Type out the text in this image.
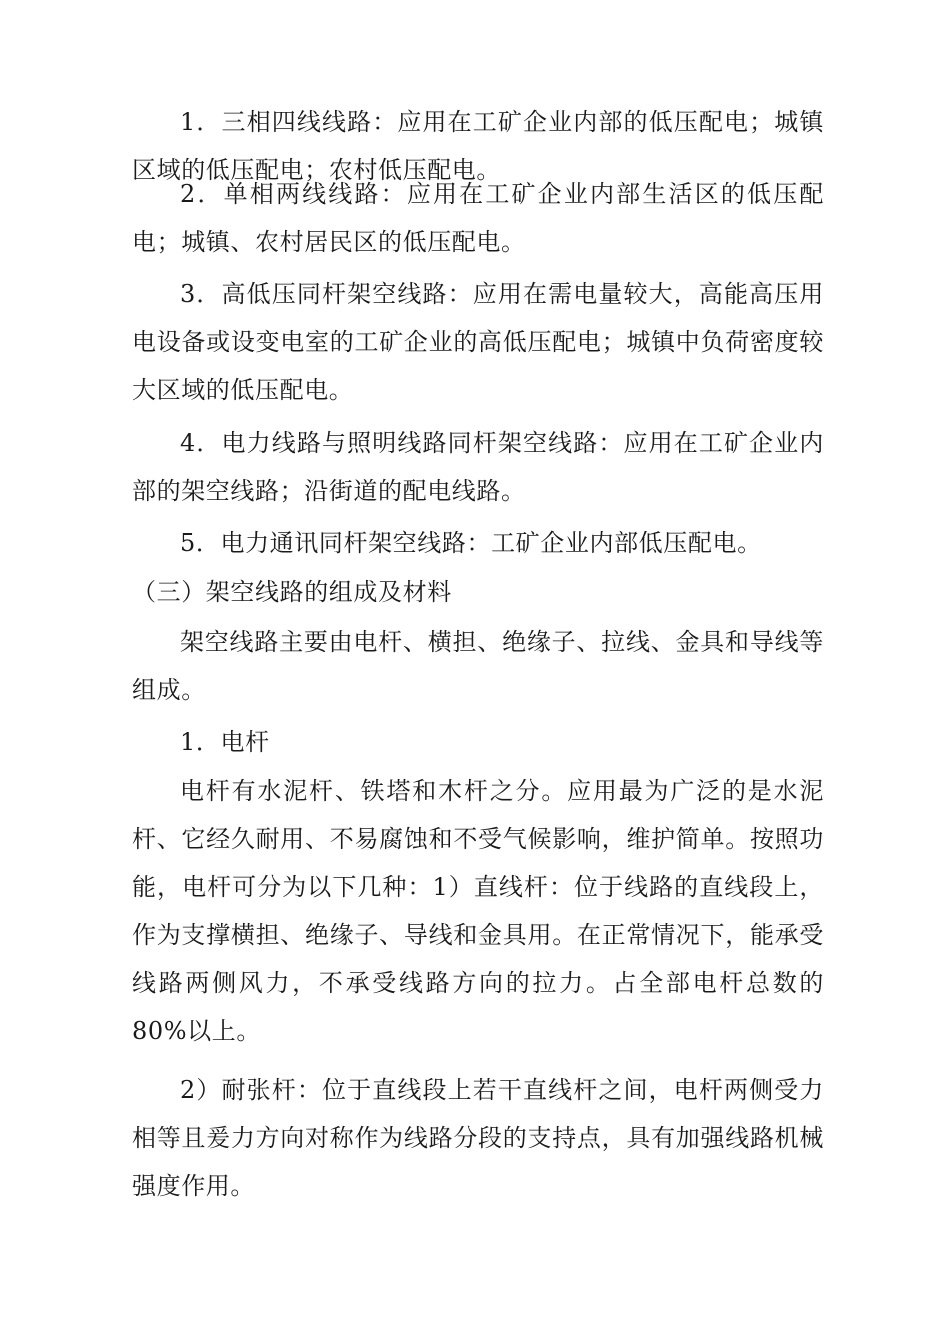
1．三相四线线路：应用在工矿企业内部的低压配电；城镇区域的低压配电；农村低压配电。

2．单相两线线路：应用在工矿企业内部生活区的低压配电；城镇、农村居民区的低压配电。

3．高低压同杆架空线路：应用在需电量较大，高能高压用电设备或设变电室的工矿企业的高低压配电；城镇中负荷密度较大区域的低压配电。

4．电力线路与照明线路同杆架空线路：应用在工矿企业内部的架空线路；沿街道的配电线路。

5．电力通讯同杆架空线路：工矿企业内部低压配电。

（三）架空线路的组成及材料

架空线路主要由电杆、横担、绝缘子、拉线、金具和导线等组成。

1．电杆

电杆有水泥杆、铁塔和木杆之分。应用最为广泛的是水泥杆、它经久耐用、不易腐蚀和不受气候影响，维护简单。按照功能，电杆可分为以下几种：1）直线杆：位于线路的直线段上，作为支撑横担、绝缘子、导线和金具用。在正常情况下，能承受线路两侧风力，不承受线路方向的拉力。占全部电杆总数的80%以上。

2）耐张杆：位于直线段上若干直线杆之间，电杆两侧受力相等且爰力方向对称作为线路分段的支持点，具有加强线路机械强度作用。
